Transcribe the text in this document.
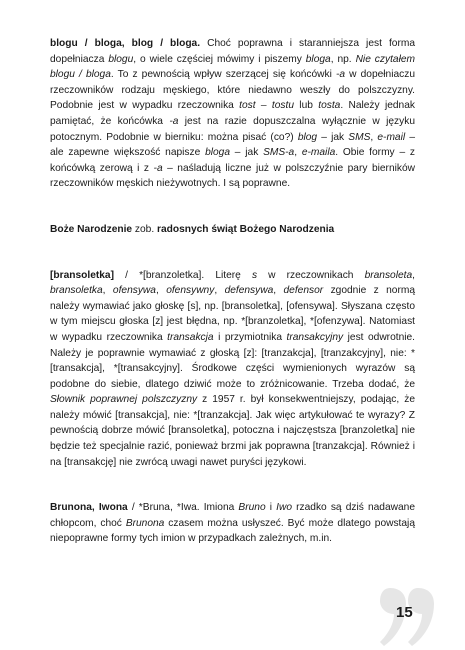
blogu / bloga, blog / bloga. Choć poprawna i staranniejsza jest forma dopełniacza blogu, o wiele częściej mówimy i piszemy bloga, np. Nie czytałem blogu / bloga. To z pewnością wpływ szerzącej się końcówki -a w dopełniaczu rzeczowników rodzaju męskiego, które niedawno weszły do polszczyzny. Podobnie jest w wypadku rzeczownika tost – tostu lub tosta. Należy jednak pamiętać, że końcówka -a jest na razie dopuszczalna wyłącznie w języku potocznym. Podobnie w bierniku: można pisać (co?) blog – jak SMS, e-mail – ale zapewne większość napisze bloga – jak SMS-a, e-maila. Obie formy – z końcówką zerową i z -a – naśladują liczne już w polszczyźnie pary bierników rzeczowników męskich nieżywotnych. I są poprawne.

Boże Narodzenie zob. radosnych świąt Bożego Narodzenia

[bransoletka] / *[branzoletka]. Literę s w rzeczownikach bransoleta, bransoletka, ofensywa, ofensywny, defensywa, defensor zgodnie z normą należy wymawiać jako głoskę [s], np. [bransoletka], [ofensywa]. Słyszana często w tym miejscu głoska [z] jest błędna, np. *[branzoletka], *[ofenzywa]. Natomiast w wypadku rzeczownika transakcja i przymiotnika transakcyjny jest odwrotnie. Należy je poprawnie wymawiać z głoską [z]: [tranzakcja], [tranzakcyjny], nie: *[transakcja], *[transakcyjny]. Środkowe części wymienionych wyrazów są podobne do siebie, dlatego dziwić może to zróżnicowanie. Trzeba dodać, że Słownik poprawnej polszczyzny z 1957 r. był konsekwentniejszy, podając, że należy mówić [transakcja], nie: *[tranzakcja]. Jak więc artykułować te wyrazy? Z pewnością dobrze mówić [bransoletka], potoczna i najczęstsza [branzoletka] nie będzie też specjalnie razić, ponieważ brzmi jak poprawna [tranzakcja]. Również i na [transakcję] nie zwrócą uwagi nawet puryści językowi.

Brunona, Iwona / *Bruna, *Iwa. Imiona Bruno i Iwo rzadko są dziś nadawane chłopcom, choć Brunona czasem można usłyszeć. Być może dlatego powstają niepoprawne formy tych imion w przypadkach zależnych, m.in.

15
